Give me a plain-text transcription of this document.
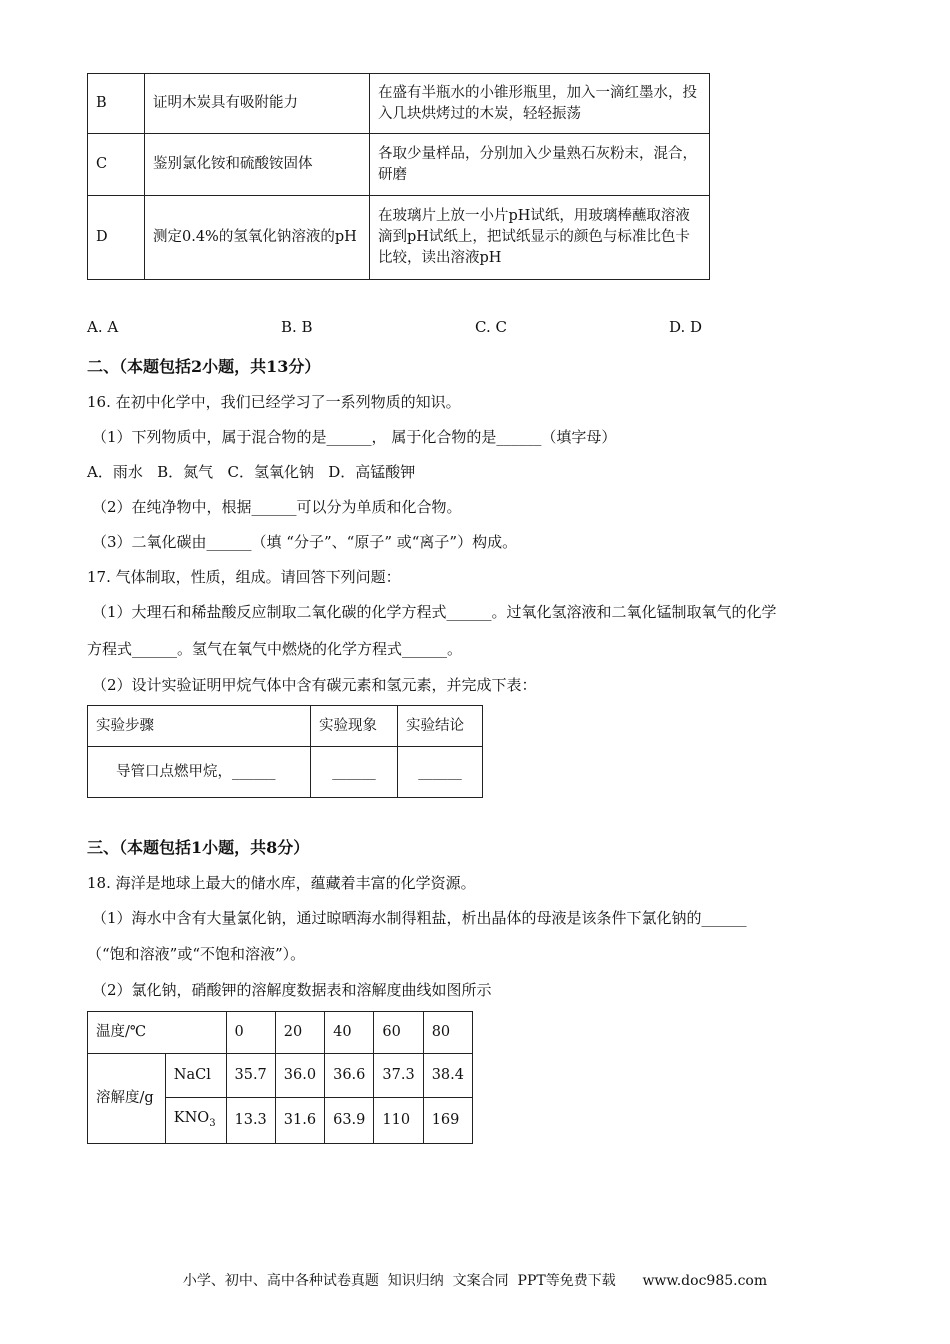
B	证明木炭具有吸附能力	在盛有半瓶水的小锥形瓶里，加入一滴红墨水，投入几块烘烤过的木炭，轻轻振荡
C	鉴别氯化铵和硫酸铵固体	各取少量样品，分别加入少量熟石灰粉末，混合，研磨
D	测定0.4%的氢氧化钠溶液的pH	在玻璃片上放一小片pH试纸，用玻璃棒蘸取溶液滴到pH试纸上，把试纸显示的颜色与标准比色卡比较，读出溶液pH
A. A	B. B	C. C	D. D
二、（本题包括2小题，共13分）
16. 在初中化学中，我们已经学习了一系列物质的知识。
（1）下列物质中，属于混合物的是______， 属于化合物的是______（填字母）
A．雨水   B．氮气   C．氢氧化钠   D．高锰酸钾
（2）在纯净物中，根据______可以分为单质和化合物。
（3）二氧化碳由______（填 “分子”、“原子” 或“离子”）构成。
17. 气体制取，性质，组成。请回答下列问题：
（1）大理石和稀盐酸反应制取二氧化碳的化学方程式______。过氧化氢溶液和二氧化锰制取氧气的化学
方程式______。氢气在氧气中燃烧的化学方程式______。
（2）设计实验证明甲烷气体中含有碳元素和氢元素，并完成下表：
实验步骤	实验现象	实验结论
导管口点燃甲烷，______	______	______
三、（本题包括1小题，共8分）
18. 海洋是地球上最大的储水库，蕴藏着丰富的化学资源。
（1）海水中含有大量氯化钠，通过晾晒海水制得粗盐，析出晶体的母液是该条件下氯化钠的______
（“饱和溶液”或“不饱和溶液”）。
（2）氯化钠，硝酸钾的溶解度数据表和溶解度曲线如图所示
温度/℃		0	20	40	60	80
溶解度/g	NaCl	35.7	36.0	36.6	37.3	38.4
	$KNO_3$	13.3	31.6	63.9	110	169
小学、初中、高中各种试卷真题  知识归纳  文案合同  PPT等免费下载      www.doc985.com
